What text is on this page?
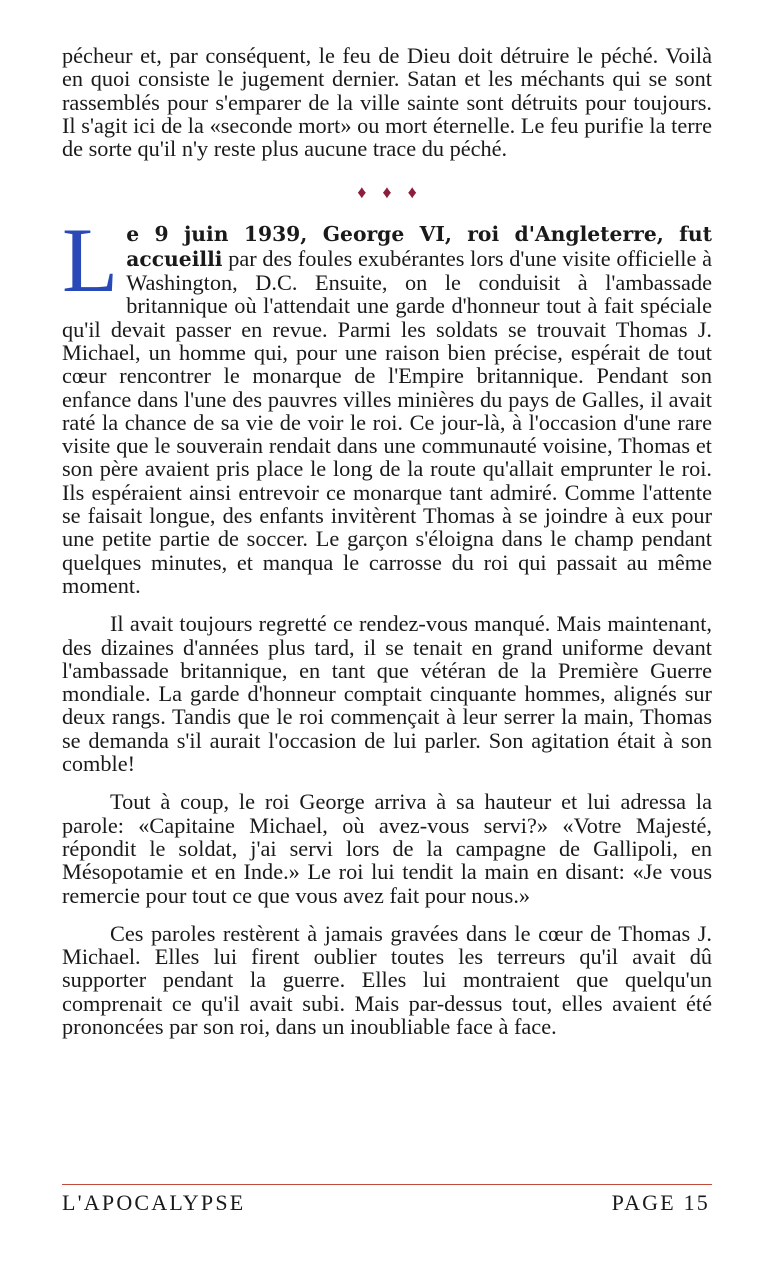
pécheur et, par conséquent, le feu de Dieu doit détruire le péché. Voilà en quoi consiste le jugement dernier. Satan et les méchants qui se sont rassemblés pour s'emparer de la ville sainte sont détruits pour toujours. Il s'agit ici de la «seconde mort» ou mort éternelle. Le feu purifie la terre de sorte qu'il n'y reste plus aucune trace du péché.

♦♦♦

Le 9 juin 1939, George VI, roi d'Angleterre, fut accueilli par des foules exubérantes lors d'une visite officielle à Washington, D.C. Ensuite, on le conduisit à l'ambassade britannique où l'attendait une garde d'honneur tout à fait spéciale qu'il devait passer en revue. Parmi les soldats se trouvait Thomas J. Michael, un homme qui, pour une raison bien précise, espérait de tout cœur rencontrer le monarque de l'Empire britannique. Pendant son enfance dans l'une des pauvres villes minières du pays de Galles, il avait raté la chance de sa vie de voir le roi. Ce jour-là, à l'occasion d'une rare visite que le souverain rendait dans une communauté voisine, Thomas et son père avaient pris place le long de la route qu'allait emprunter le roi. Ils espéraient ainsi entrevoir ce monarque tant admiré. Comme l'attente se faisait longue, des enfants invitèrent Thomas à se joindre à eux pour une petite partie de soccer. Le garçon s'éloigna dans le champ pendant quelques minutes, et manqua le carrosse du roi qui passait au même moment.

Il avait toujours regretté ce rendez-vous manqué. Mais maintenant, des dizaines d'années plus tard, il se tenait en grand uniforme devant l'ambassade britannique, en tant que vétéran de la Première Guerre mondiale. La garde d'honneur comptait cinquante hommes, alignés sur deux rangs. Tandis que le roi commençait à leur serrer la main, Thomas se demanda s'il aurait l'occasion de lui parler. Son agitation était à son comble!

Tout à coup, le roi George arriva à sa hauteur et lui adressa la parole: «Capitaine Michael, où avez-vous servi?» «Votre Majesté, répondit le soldat, j'ai servi lors de la campagne de Gallipoli, en Mésopotamie et en Inde.» Le roi lui tendit la main en disant: «Je vous remercie pour tout ce que vous avez fait pour nous.»

Ces paroles restèrent à jamais gravées dans le cœur de Thomas J. Michael. Elles lui firent oublier toutes les terreurs qu'il avait dû supporter pendant la guerre. Elles lui montraient que quelqu'un comprenait ce qu'il avait subi. Mais par-dessus tout, elles avaient été prononcées par son roi, dans un inoubliable face à face.

L'APOCALYPSE	PAGE 15
